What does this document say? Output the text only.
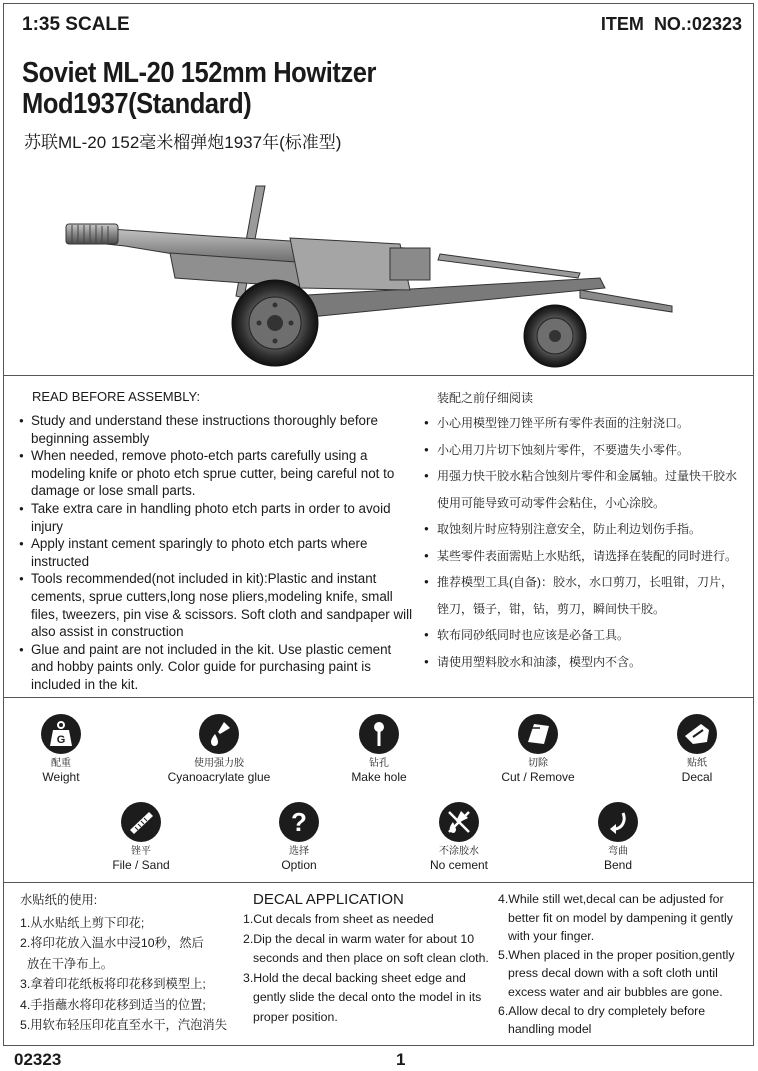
1:35 SCALE	ITEM NO.:02323
Soviet ML-20 152mm Howitzer
Mod1937(Standard)
苏联ML-20 152毫米榴弹炮1937年(标准型)
READ BEFORE ASSEMBLY:
● Study and understand these instructions thoroughly before beginning assembly
● When needed, remove photo-etch parts carefully using a modeling knife or photo etch sprue cutter, being careful not to damage or lose small parts.
● Take extra care in handling photo etch parts in order to avoid injury
● Apply instant cement sparingly to photo etch parts where instructed
● Tools recommended(not included in kit):Plastic and instant cements, sprue cutters,long nose pliers,modeling knife, small files, tweezers, pin vise & scissors. Soft cloth and sandpaper will also assist in construction
● Glue and paint are not included in the kit. Use plastic cement and hobby paints only. Color guide for purchasing paint is included in the kit.
装配之前仔细阅读
● 小心用模型锉刀锉平所有零件表面的注射浇口。
● 小心用刀片切下蚀刻片零件，不要遗失小零件。
● 用强力快干胶水粘合蚀刻片零件和金属轴。过量快干胶水
使用可能导致可动零件会粘住，小心涂胶。
● 取蚀刻片时应特别注意安全，防止利边划伤手指。
● 某些零件表面需贴上水贴纸，请选择在装配的同时进行。
● 推荐模型工具(自备)：胶水，水口剪刀，长咀钳，刀片，
锉刀，镊子，钳，钻，剪刀，瞬间快干胶。
● 软布同砂纸同时也应该是必备工具。
● 请使用塑料胶水和油漆，模型内不含。
G
配重
Weight
使用强力胶
Cyanoacrylate glue
钻孔
Make hole
切除
Cut / Remove
贴纸
Decal
锉平
File / Sand
?
选择
Option
不涂胶水
No cement
弯曲
Bend
水贴纸的使用:
1.从水贴纸上剪下印花;
2.将印花放入温水中浸10秒，然后
放在干净布上。
3.拿着印花纸板将印花移到模型上;
4.手指蘸水将印花移到适当的位置;
5.用软布轻压印花直至水干，汽泡消失
DECAL APPLICATION
1.Cut decals from sheet as needed
2.Dip the decal in warm water for about 10
seconds and then place on soft clean cloth.
3.Hold the decal backing sheet edge and
gently slide the decal onto the model in its
proper position.
4.While still wet,decal can be adjusted for
better fit on model by dampening it gently
with your finger.
5.When placed in the proper position,gently
press decal down with a soft cloth until
excess water and air bubbles are gone.
6.Allow decal to dry completely before
handling model
02323	1
